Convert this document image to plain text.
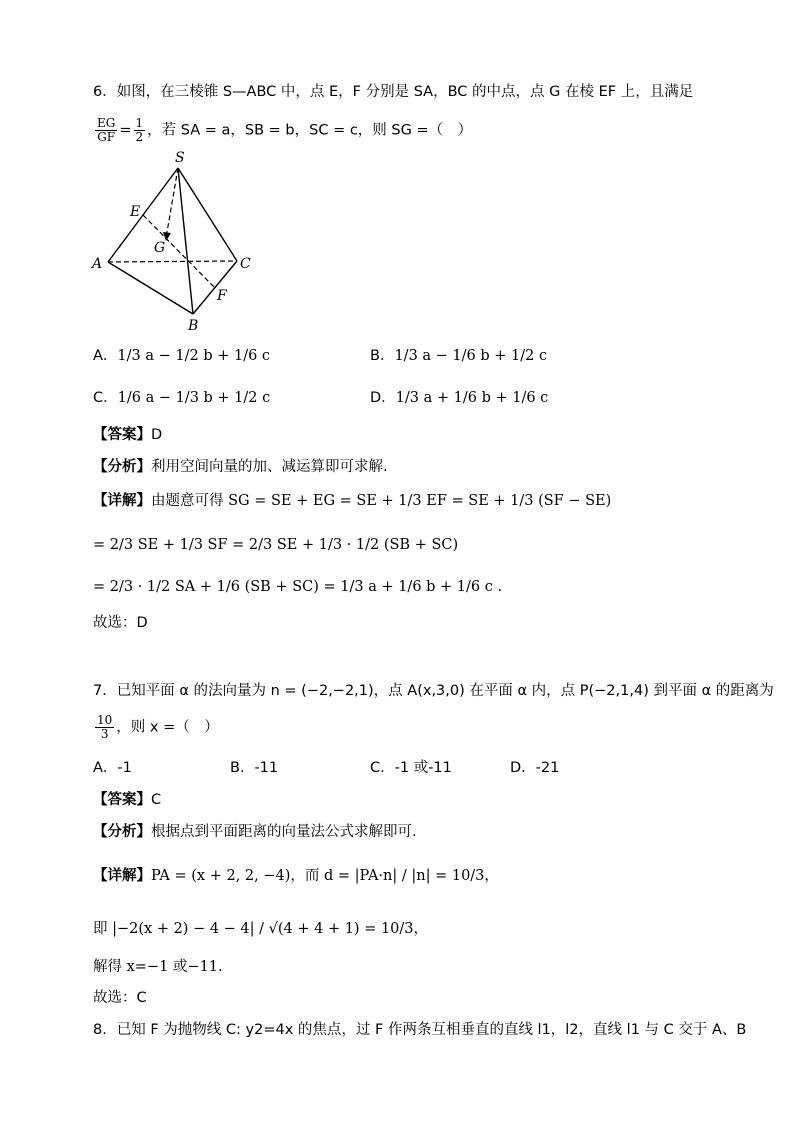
6．如图，在三棱锥 S—ABC 中，点 E，F 分别是 SA，BC 的中点，点 G 在棱 EF 上，且满足
$\frac{EG}{GF} = \frac{1}{2}$ ，若 SA = a，SB = b，SC = c，则 SG =（　）
S
E
G
A	C
F
B
A．1/3 a − 1/2 b + 1/6 c	B．1/3 a − 1/6 b + 1/2 c
C．1/6 a − 1/3 b + 1/2 c	D．1/3 a + 1/6 b + 1/6 c
【答案】D
【分析】利用空间向量的加、减运算即可求解.
【详解】由题意可得 SG = SE + EG = SE + 1/3 EF = SE + 1/3 (SF − SE)
= 2/3 SE + 1/3 SF = 2/3 SE + 1/3 · 1/2 (SB + SC)
= 2/3 · 1/2 SA + 1/6 (SB + SC) = 1/3 a + 1/6 b + 1/6 c .
故选：D
7．已知平面 α 的法向量为 n = (−2,−2,1)，点 A(x,3,0) 在平面 α 内，点 P(−2,1,4) 到平面 α 的距离为
$\frac{10}{3}$ ，则 x =（　）
A．-1	B．-11	C．-1 或-11	D．-21
【答案】C
【分析】根据点到平面距离的向量法公式求解即可.
【详解】PA = (x + 2, 2, −4)，而 d = |PA·n| / |n| = 10/3，
即 |−2(x + 2) − 4 − 4| / √(4 + 4 + 1) = 10/3，
解得 x=−1 或−11.
故选：C
8．已知 F 为抛物线 C: y2=4x 的焦点，过 F 作两条互相垂直的直线 l1，l2，直线 l1 与 C 交于 A、B
